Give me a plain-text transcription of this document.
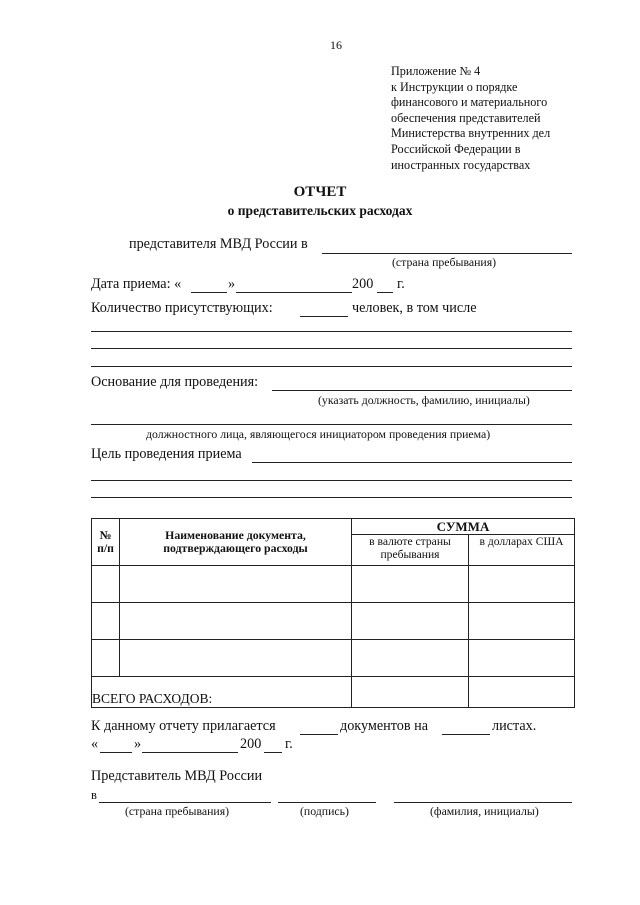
16
Приложение № 4
к Инструкции о порядке
финансового и материального
обеспечения представителей
Министерства внутренних дел
Российской Федерации в
иностранных государствах
ОТЧЕТ
о представительских расходах
представителя МВД России в
(страна пребывания)
Дата приема: «	»	200 г.
Количество присутствующих:	человек, в том числе
Основание для проведения:
(указать должность, фамилию, инициалы)
должностного лица, являющегося инициатором проведения приема)
Цель проведения приема
№ п/п	Наименование документа, подтверждающего расходы	СУММА	
		в валюте страны пребывания	в долларах США

ВСЕГО РАСХОДОВ:			
К данному отчету прилагается	документов на	листах.
«	»	200 г.
Представитель МВД России
в
(страна пребывания)	(подпись)	(фамилия, инициалы)
